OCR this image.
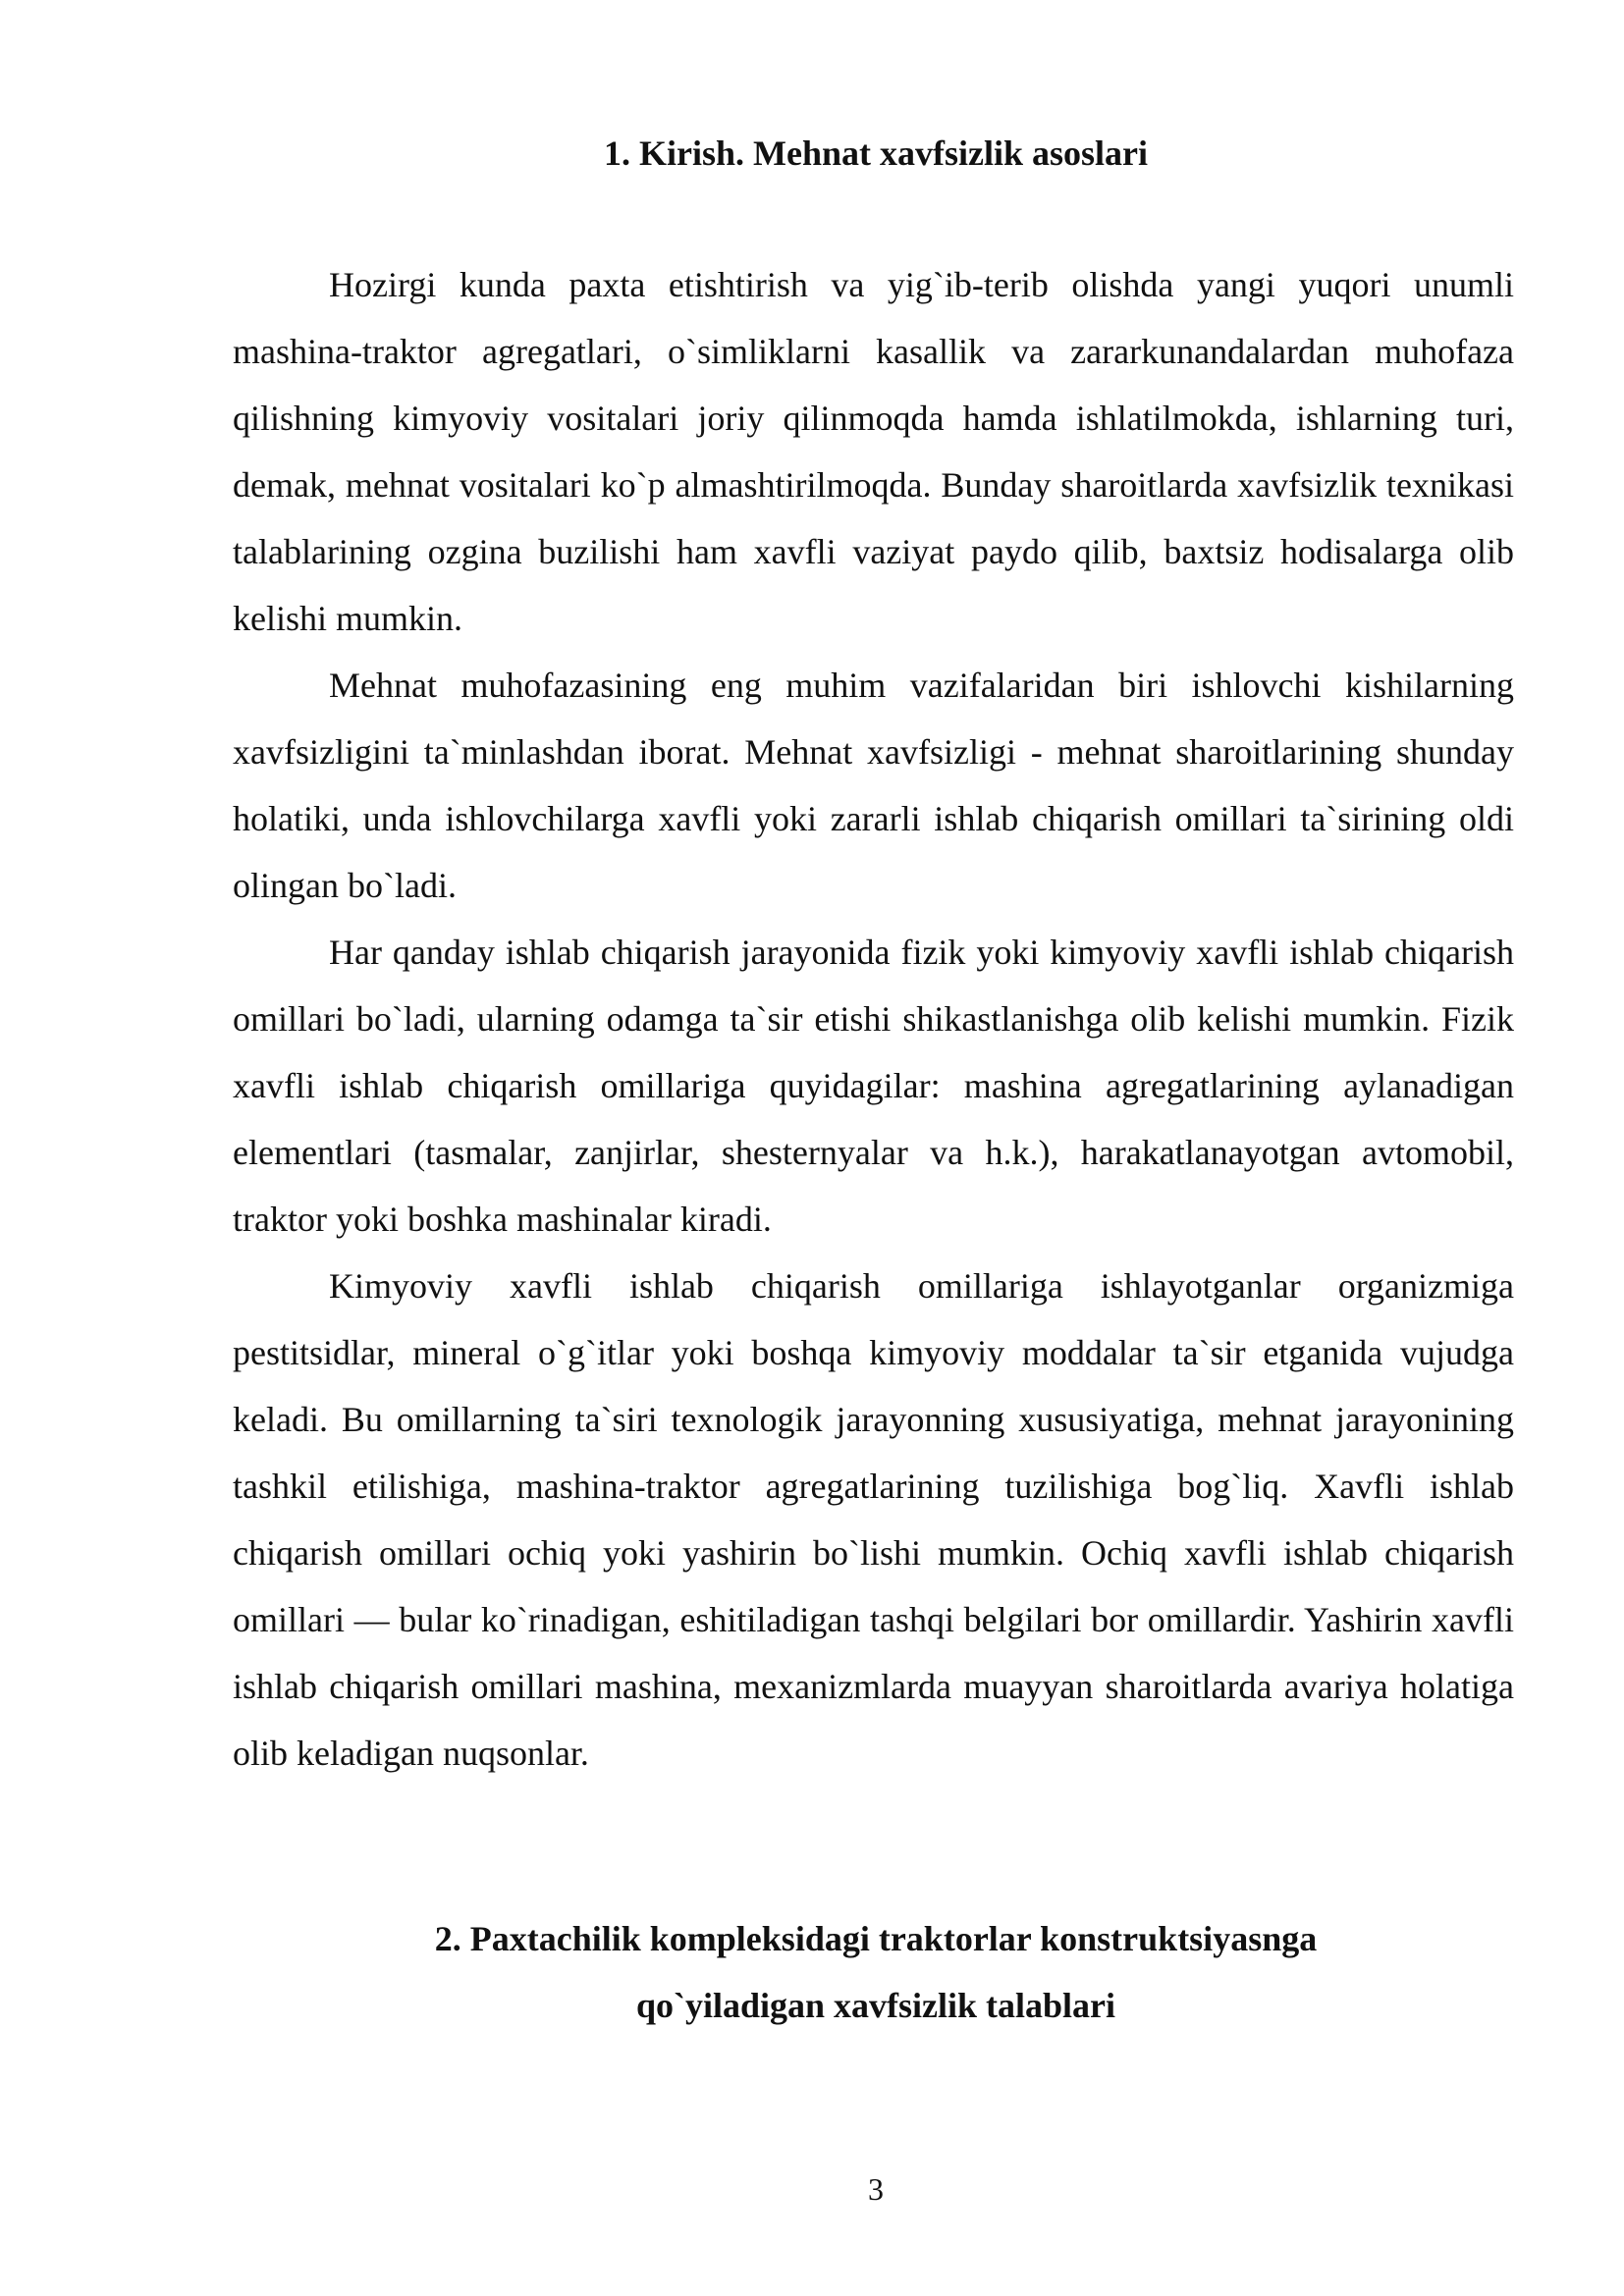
1. Kirish. Mehnat xavfsizlik asoslari

Hozirgi kunda paxta etishtirish va yig`ib-terib olishda yangi yuqori unumli mashina-traktor agregatlari, o`simliklarni kasallik va zararkunandalardan muhofaza qilishning kimyoviy vositalari joriy qilinmoqda hamda ishlatilmokda, ishlarning turi, demak, mehnat vositalari ko`p almashtirilmoqda. Bunday sharoitlarda xavfsizlik texnikasi talablarining ozgina buzilishi ham xavfli vaziyat paydo qilib, baxtsiz hodisalarga olib kelishi mumkin.

Mehnat muhofazasining eng muhim vazifalaridan biri ishlovchi kishilarning xavfsizligini ta`minlashdan iborat. Mehnat xavfsizligi - mehnat sharoitlarining shunday holatiki, unda ishlovchilarga xavfli yoki zararli ishlab chiqarish omillari ta`sirining oldi olingan bo`ladi.

Har qanday ishlab chiqarish jarayonida fizik yoki kimyoviy xavfli ishlab chiqarish omillari bo`ladi, ularning odamga ta`sir etishi shikastlanishga olib kelishi mumkin. Fizik xavfli ishlab chiqarish omillariga quyidagilar: mashina agregatlarining aylanadigan elementlari (tasmalar, zanjirlar, shesternyalar va h.k.), harakatlanayotgan avtomobil, traktor yoki boshka mashinalar kiradi.

Kimyoviy xavfli ishlab chiqarish omillariga ishlayotganlar organizmiga pestitsidlar, mineral o`g`itlar yoki boshqa kimyoviy moddalar ta`sir etganida vujudga keladi. Bu omillarning ta`siri texnologik jarayonning xususiyatiga, mehnat jarayonining tashkil etilishiga, mashina-traktor agregatlarining tuzilishiga bog`liq. Xavfli ishlab chiqarish omillari ochiq yoki yashirin bo`lishi mumkin. Ochiq xavfli ishlab chiqarish omillari — bular ko`rinadigan, eshitiladigan tashqi belgilari bor omillardir. Yashirin xavfli ishlab chiqarish omillari mashina, mexanizmlarda muayyan sharoitlarda avariya holatiga olib keladigan nuqsonlar.

2. Paxtachilik kompleksidagi traktorlar konstruktsiyasnga
qo`yiladigan xavfsizlik talablari
3
